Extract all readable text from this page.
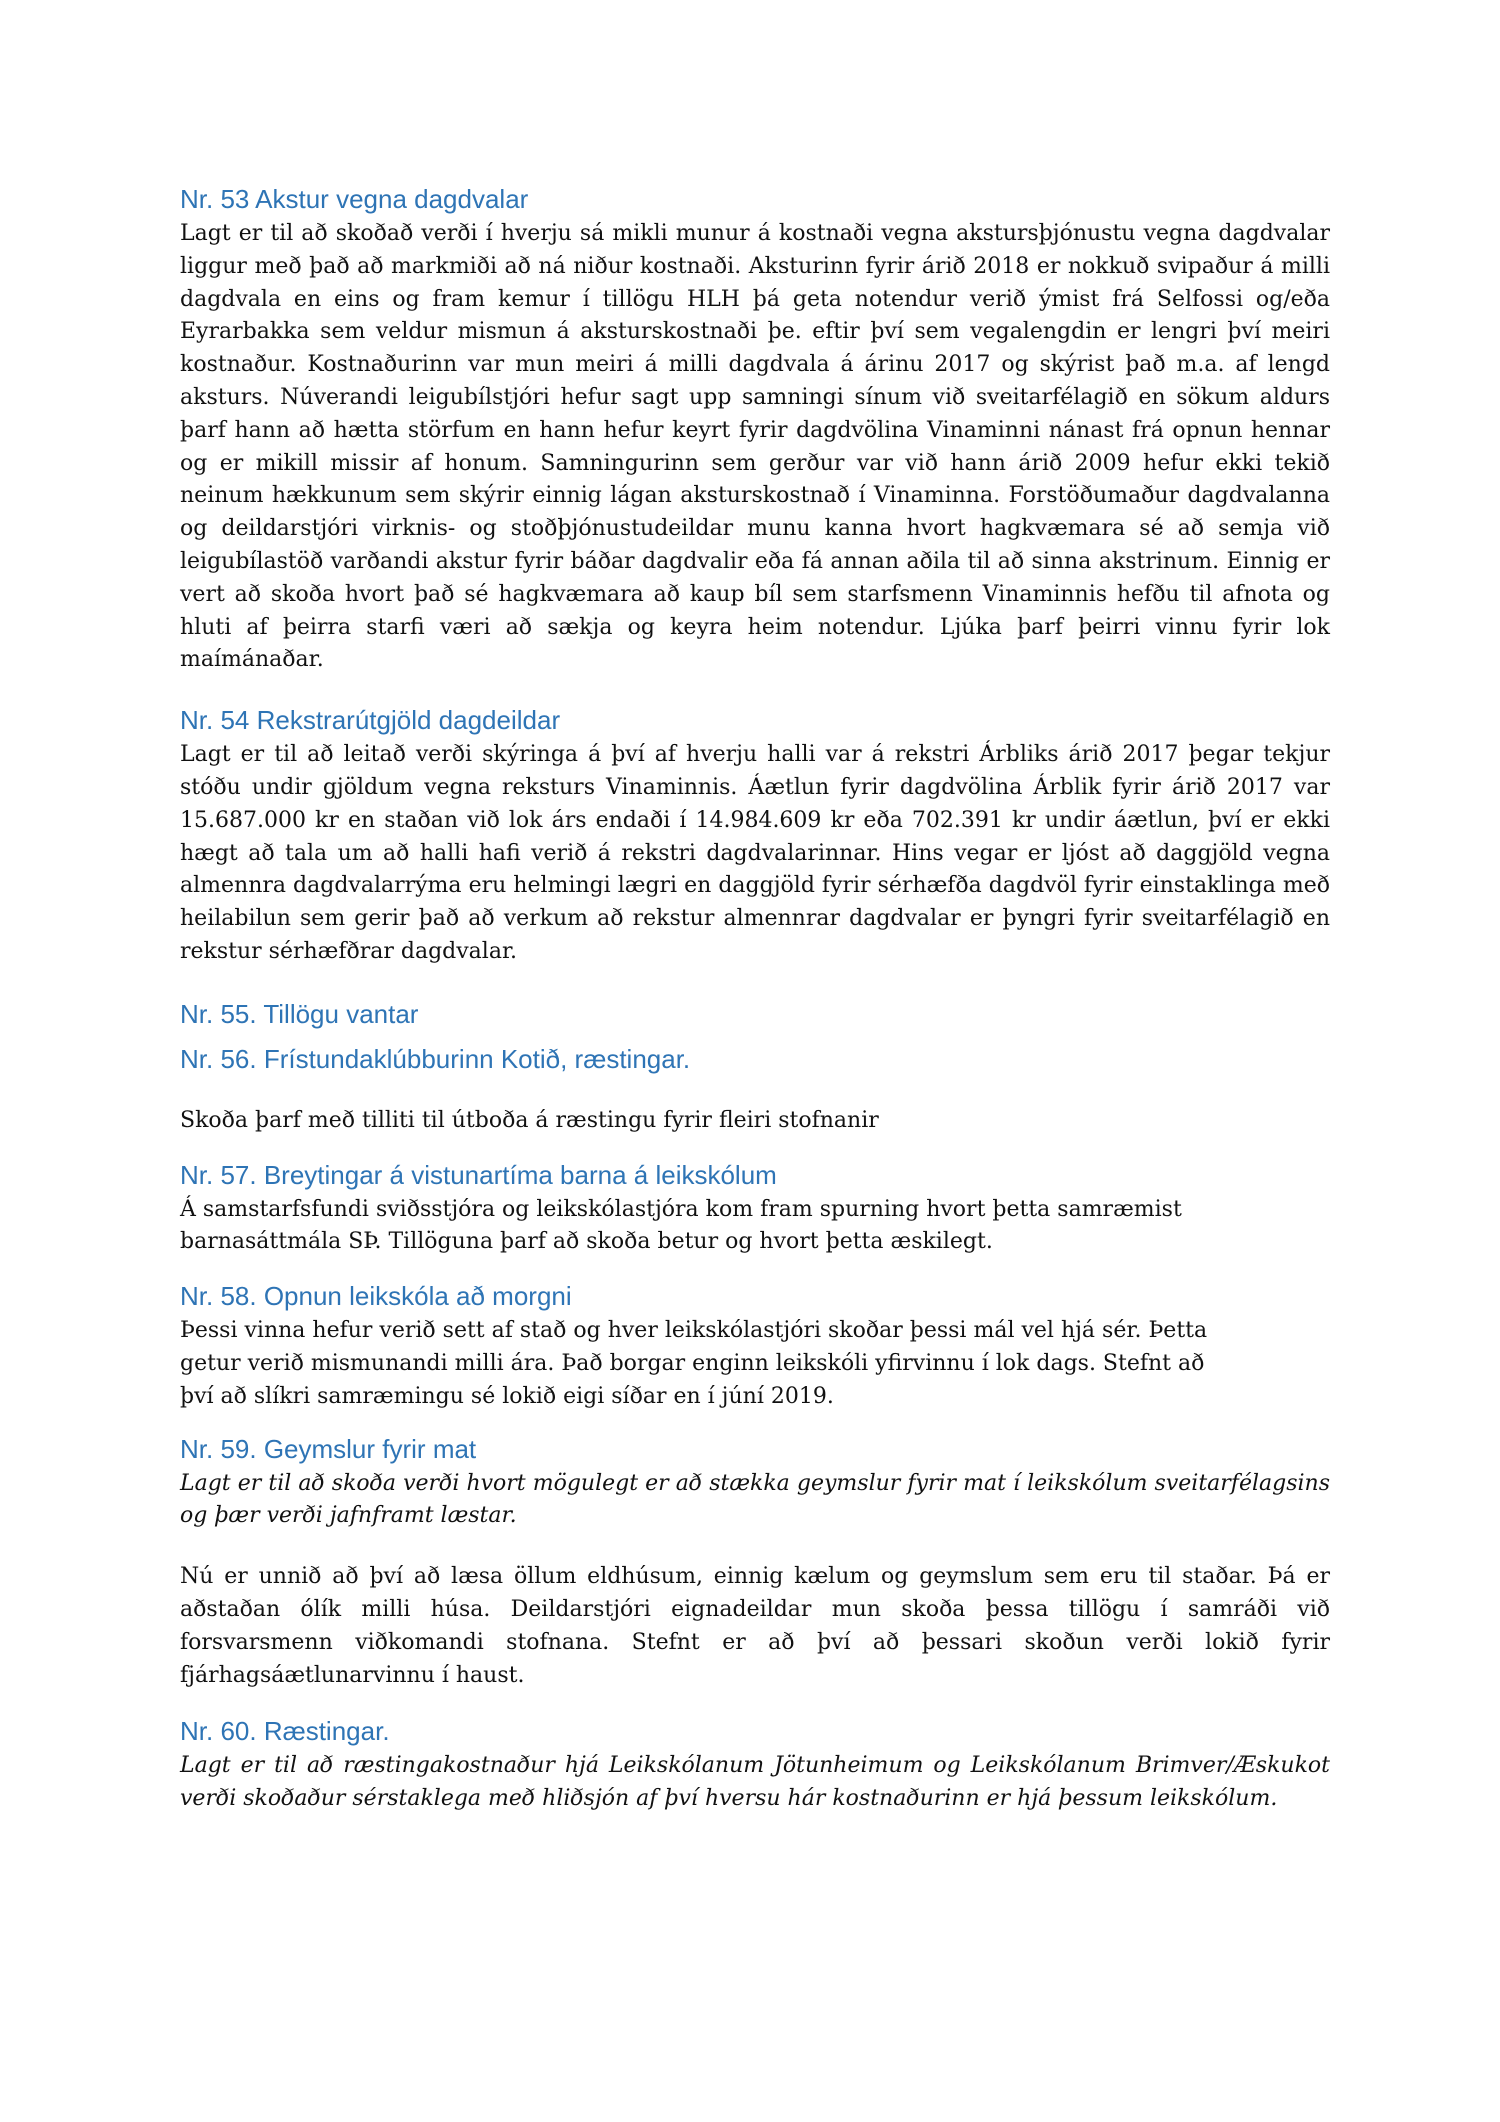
Nr. 53 Akstur vegna dagdvalar

Lagt er til að skoðað verði í hverju sá mikli munur á kostnaði vegna akstursþjónustu vegna dagdvalar liggur með það að markmiði að ná niður kostnaði. Aksturinn fyrir árið 2018 er nokkuð svipaður á milli dagdvala en eins og fram kemur í tillögu HLH þá geta notendur verið ýmist frá Selfossi og/eða Eyrarbakka sem veldur mismun á aksturskostnaði þe. eftir því sem vegalengdin er lengri því meiri kostnaður. Kostnaðurinn var mun meiri á milli dagdvala á árinu 2017 og skýrist það m.a. af lengd aksturs. Núverandi leigubílstjóri hefur sagt upp samningi sínum við sveitarfélagið en sökum aldurs þarf hann að hætta störfum en hann hefur keyrt fyrir dagdvölina Vinaminni nánast frá opnun hennar og er mikill missir af honum. Samningurinn sem gerður var við hann árið 2009 hefur ekki tekið neinum hækkunum sem skýrir einnig lágan aksturskostnað í Vinaminna. Forstöðumaður dagdvalanna og deildarstjóri virknis- og stoðþjónustudeildar munu kanna hvort hagkvæmara sé að semja við leigubílastöð varðandi akstur fyrir báðar dagdvalir eða fá annan aðila til að sinna akstrinum. Einnig er vert að skoða hvort það sé hagkvæmara að kaup bíl sem starfsmenn Vinaminnis hefðu til afnota og hluti af þeirra starfi væri að sækja og keyra heim notendur. Ljúka þarf þeirri vinnu fyrir lok maímánaðar.

Nr. 54 Rekstrarútgjöld dagdeildar

Lagt er til að leitað verði skýringa á því af hverju halli var á rekstri Árbliks árið 2017 þegar tekjur stóðu undir gjöldum vegna reksturs Vinaminnis. Áætlun fyrir dagdvölina Árblik fyrir árið 2017 var 15.687.000 kr en staðan við lok árs endaði í 14.984.609 kr eða 702.391 kr undir áætlun, því er ekki hægt að tala um að halli hafi verið á rekstri dagdvalarinnar. Hins vegar er ljóst að daggjöld vegna almennra dagdvalarrýma eru helmingi lægri en daggjöld fyrir sérhæfða dagdvöl fyrir einstaklinga með heilabilun sem gerir það að verkum að rekstur almennrar dagdvalar er þyngri fyrir sveitarfélagið en rekstur sérhæfðrar dagdvalar.

Nr. 55. Tillögu vantar
Nr. 56. Frístundaklúbburinn Kotið, ræstingar.

Skoða þarf með tilliti til útboða á ræstingu fyrir fleiri stofnanir

Nr. 57. Breytingar á vistunartíma barna á leikskólum

Á samstarfsfundi sviðsstjóra og leikskólastjóra kom fram spurning hvort þetta samræmist barnasáttmála SÞ. Tillöguna þarf að skoða betur og hvort þetta æskilegt.

Nr. 58. Opnun leikskóla að morgni
Þessi vinna hefur verið sett af stað og hver leikskólastjóri skoðar þessi mál vel hjá sér. Þetta
getur verið mismunandi milli ára. Það borgar enginn leikskóli yfirvinnu í lok dags. Stefnt að
því að slíkri samræmingu sé lokið eigi síðar en í júní 2019.
Nr. 59. Geymslur fyrir mat

Lagt er til að skoða verði hvort mögulegt er að stækka geymslur fyrir mat í leikskólum sveitarfélagsins og þær verði jafnframt læstar.

Nú er unnið að því að læsa öllum eldhúsum, einnig kælum og geymslum sem eru til staðar. Þá er aðstaðan ólík milli húsa. Deildarstjóri eignadeildar mun skoða þessa tillögu í samráði við forsvarsmenn viðkomandi stofnana. Stefnt er að því að þessari skoðun verði lokið fyrir fjárhagsáætlunarvinnu í haust.

Nr. 60. Ræstingar.

Lagt er til að ræstingakostnaður hjá Leikskólanum Jötunheimum og Leikskólanum Brimver/Æskukot verði skoðaður sérstaklega með hliðsjón af því hversu hár kostnaðurinn er hjá þessum leikskólum.
